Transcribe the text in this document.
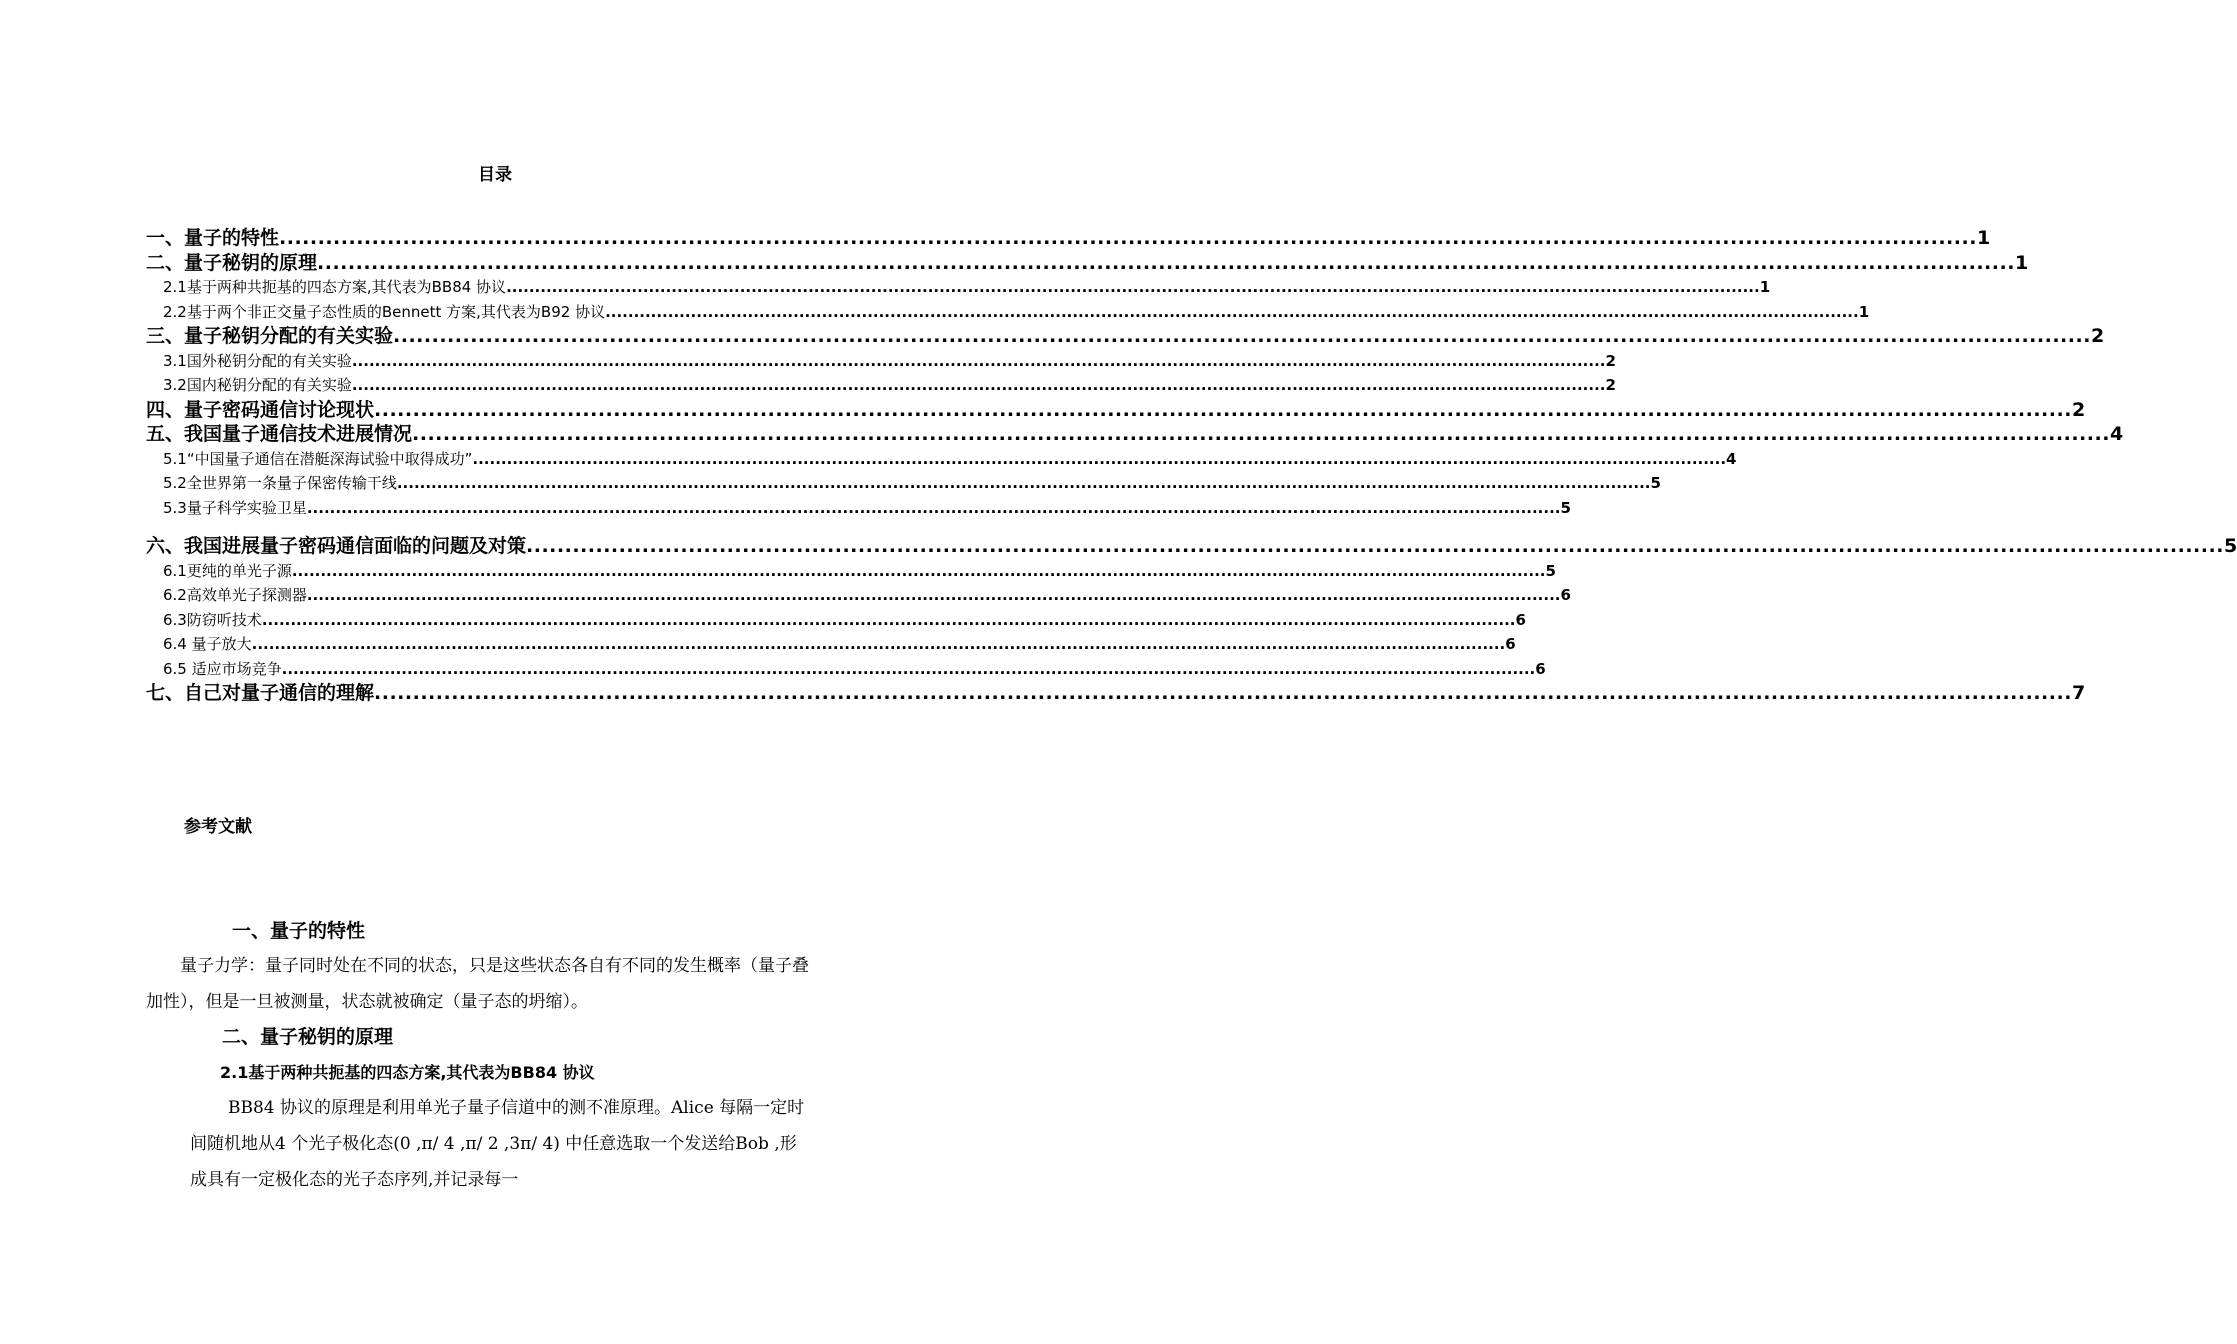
目录
一、量子的特性 ............................................................................................................................................................................................................................ 1
二、量子秘钥的原理 ............................................................................................................................................................................................................................ 1
2.1基于两种共扼基的四态方案,其代表为BB84 协议 ............................................................................................................................................................................................................................ 1
2.2基于两个非正交量子态性质的Bennett 方案,其代表为B92 协议 ............................................................................................................................................................................................................................ 1
三、量子秘钥分配的有关实验 ............................................................................................................................................................................................................................ 2
3.1国外秘钥分配的有关实验 ............................................................................................................................................................................................................................ 2
3.2国内秘钥分配的有关实验 ............................................................................................................................................................................................................................ 2
四、量子密码通信讨论现状 ............................................................................................................................................................................................................................ 2
五、我国量子通信技术进展情况 ............................................................................................................................................................................................................................ 4
5.1“中国量子通信在潜艇深海试验中取得成功” ............................................................................................................................................................................................................................ 4
5.2全世界第一条量子保密传输干线 ............................................................................................................................................................................................................................ 5
5.3量子科学实验卫星 ............................................................................................................................................................................................................................ 5
六、我国进展量子密码通信面临的问题及对策 ............................................................................................................................................................................................................................ 5
6.1更纯的单光子源 ............................................................................................................................................................................................................................ 5
6.2高效单光子探测器 ............................................................................................................................................................................................................................ 6
6.3防窃听技术 ............................................................................................................................................................................................................................ 6
6.4 量子放大 ............................................................................................................................................................................................................................ 6
6.5 适应市场竞争 ............................................................................................................................................................................................................................ 6
七、自己对量子通信的理解 ............................................................................................................................................................................................................................ 7
参考文献
一、量子的特性
量子力学：量子同时处在不同的状态，只是这些状态各自有不同的发生概率（量子叠加性），但是一旦被测量，状态就被确定（量子态的坍缩）。
二、量子秘钥的原理
2.1基于两种共扼基的四态方案,其代表为BB84 协议
BB84 协议的原理是利用单光子量子信道中的测不准原理。Alice 每隔一定时间随机地从4 个光子极化态(0 ,π/ 4 ,π/ 2 ,3π/ 4) 中任意选取一个发送给Bob ,形成具有一定极化态的光子态序列,并记录每一
